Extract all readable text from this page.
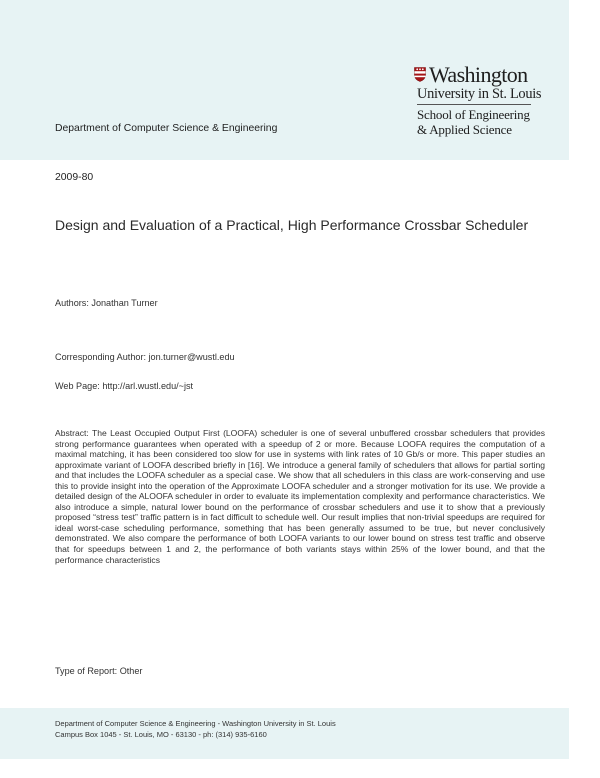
Department of Computer Science & Engineering
Washington
University in St. Louis
School of Engineering
& Applied Science
2009-80
Design and Evaluation of a Practical, High Performance Crossbar Scheduler
Authors: Jonathan Turner
Corresponding Author: jon.turner@wustl.edu
Web Page: http://arl.wustl.edu/~jst

Abstract: The Least Occupied Output First (LOOFA) scheduler is one of several unbuffered crossbar schedulers that provides strong performance guarantees when operated with a speedup of 2 or more. Because LOOFA requires the computation of a maximal matching, it has been considered too slow for use in systems with link rates of 10 Gb/s or more. This paper studies an approximate variant of LOOFA described briefly in [16]. We introduce a general family of schedulers that allows for partial sorting and that includes the LOOFA scheduler as a special case. We show that all schedulers in this class are work-conserving and use this to provide insight into the operation of the Approximate LOOFA scheduler and a stronger motivation for its use. We provide a detailed design of the ALOOFA scheduler in order to evaluate its implementation complexity and performance characteristics. We also introduce a simple, natural lower bound on the performance of crossbar schedulers and use it to show that a previously proposed “stress test” traffic pattern is in fact difficult to schedule well. Our result implies that non-trivial speedups are required for ideal worst-case scheduling performance, something that has been generally assumed to be true, but never conclusively demonstrated. We also compare the performance of both LOOFA variants to our lower bound on stress test traffic and observe that for speedups between 1 and 2, the performance of both variants stays within 25% of the lower bound, and that the performance characteristics

Type of Report: Other
Department of Computer Science & Engineering - Washington University in St. Louis
Campus Box 1045 - St. Louis, MO - 63130 - ph: (314) 935-6160
